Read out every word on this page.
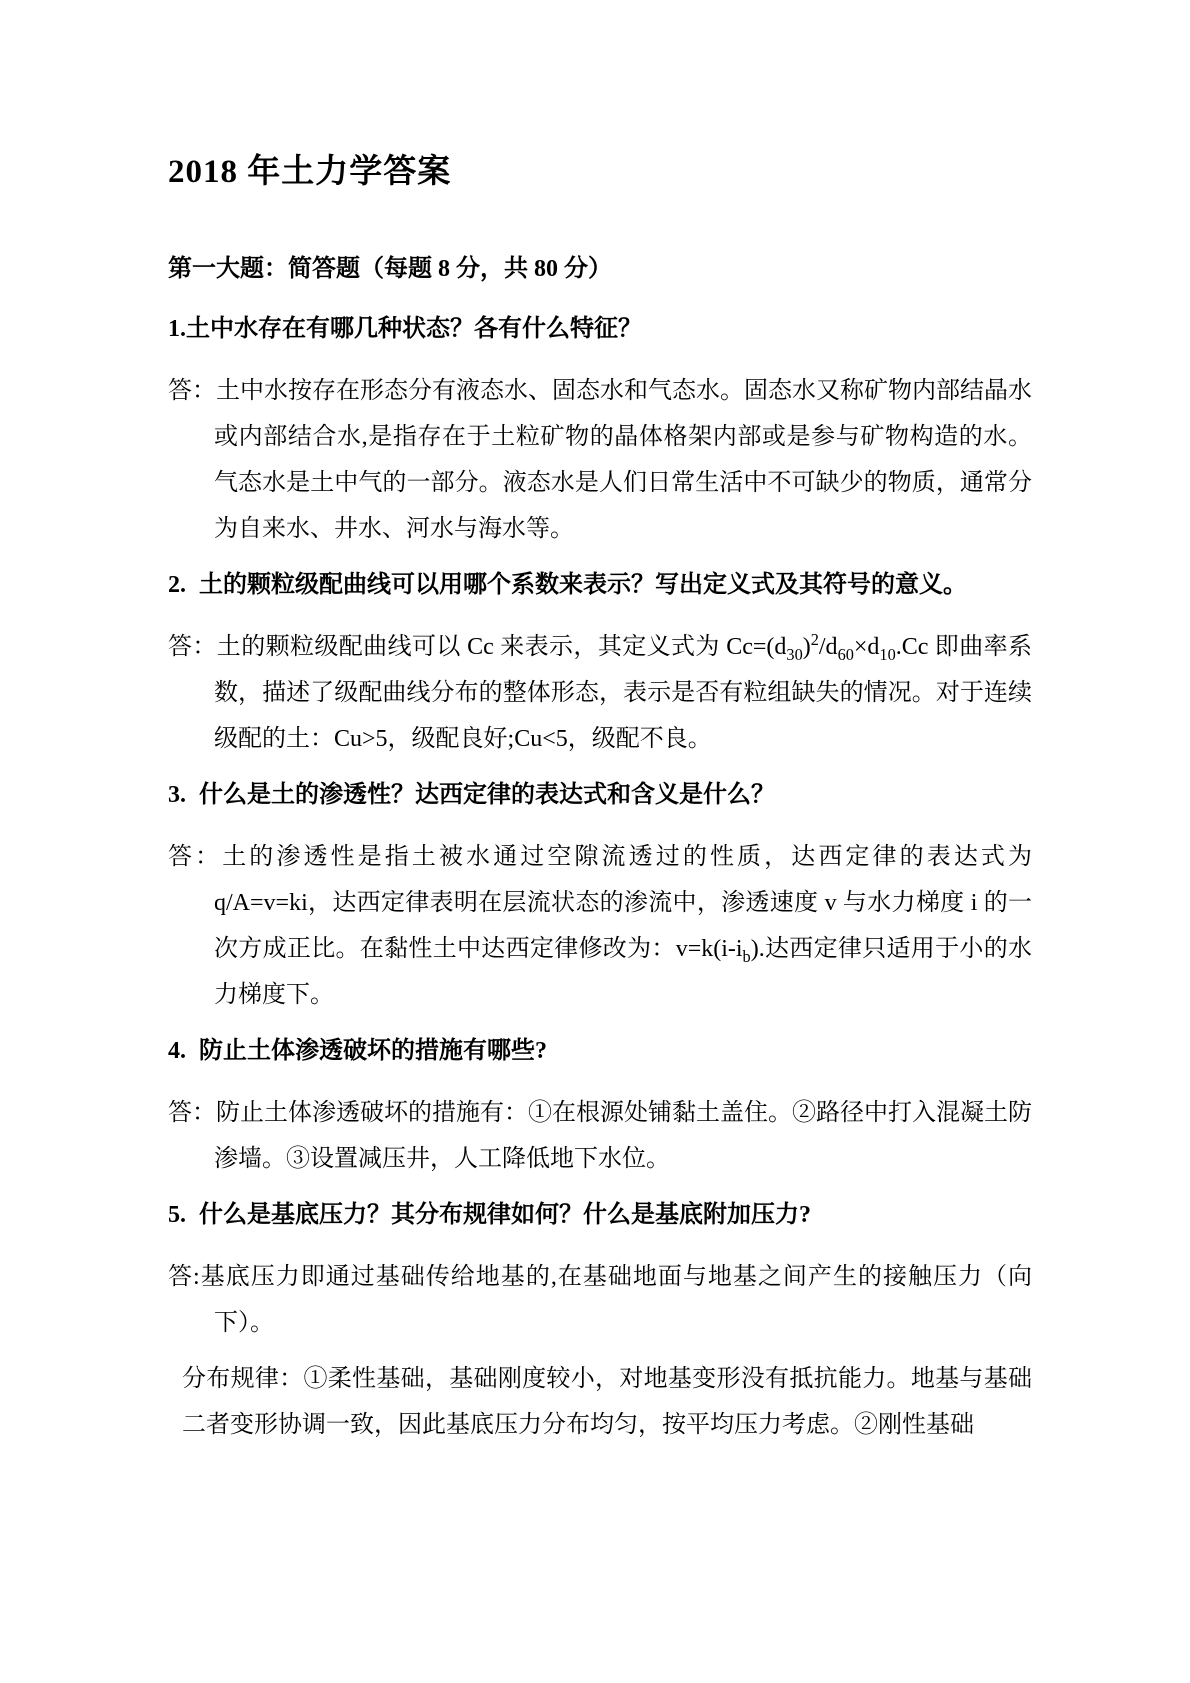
2018 年土力学答案
第一大题：简答题（每题 8 分，共 80 分）
1.土中水存在有哪几种状态？各有什么特征？

答：土中水按存在形态分有液态水、固态水和气态水。固态水又称矿物内部结晶水或内部结合水,是指存在于土粒矿物的晶体格架内部或是参与矿物构造的水。气态水是土中气的一部分。液态水是人们日常生活中不可缺少的物质，通常分为自来水、井水、河水与海水等。

2. 土的颗粒级配曲线可以用哪个系数来表示？写出定义式及其符号的意义。

答：土的颗粒级配曲线可以 Cc 来表示，其定义式为 $Cc=(d_{30})^2/d_{60}\times d_{10}.Cc$ 即曲率系数，描述了级配曲线分布的整体形态，表示是否有粒组缺失的情况。对于连续级配的土：Cu>5，级配良好;Cu<5，级配不良。

3. 什么是土的渗透性？达西定律的表达式和含义是什么？

答：土的渗透性是指土被水通过空隙流透过的性质，达西定律的表达式为 q/A=v=ki，达西定律表明在层流状态的渗流中，渗透速度 v 与水力梯度 i 的一次方成正比。在黏性土中达西定律修改为：$v=k(i-i_b)$.达西定律只适用于小的水力梯度下。

4. 防止土体渗透破坏的措施有哪些?

答：防止土体渗透破坏的措施有：①在根源处铺黏土盖住。②路径中打入混凝土防渗墙。③设置减压井，人工降低地下水位。

5. 什么是基底压力？其分布规律如何？什么是基底附加压力?

答:基底压力即通过基础传给地基的,在基础地面与地基之间产生的接触压力（向下）。

分布规律：①柔性基础，基础刚度较小，对地基变形没有抵抗能力。地基与基础二者变形协调一致，因此基底压力分布均匀，按平均压力考虑。②刚性基础
